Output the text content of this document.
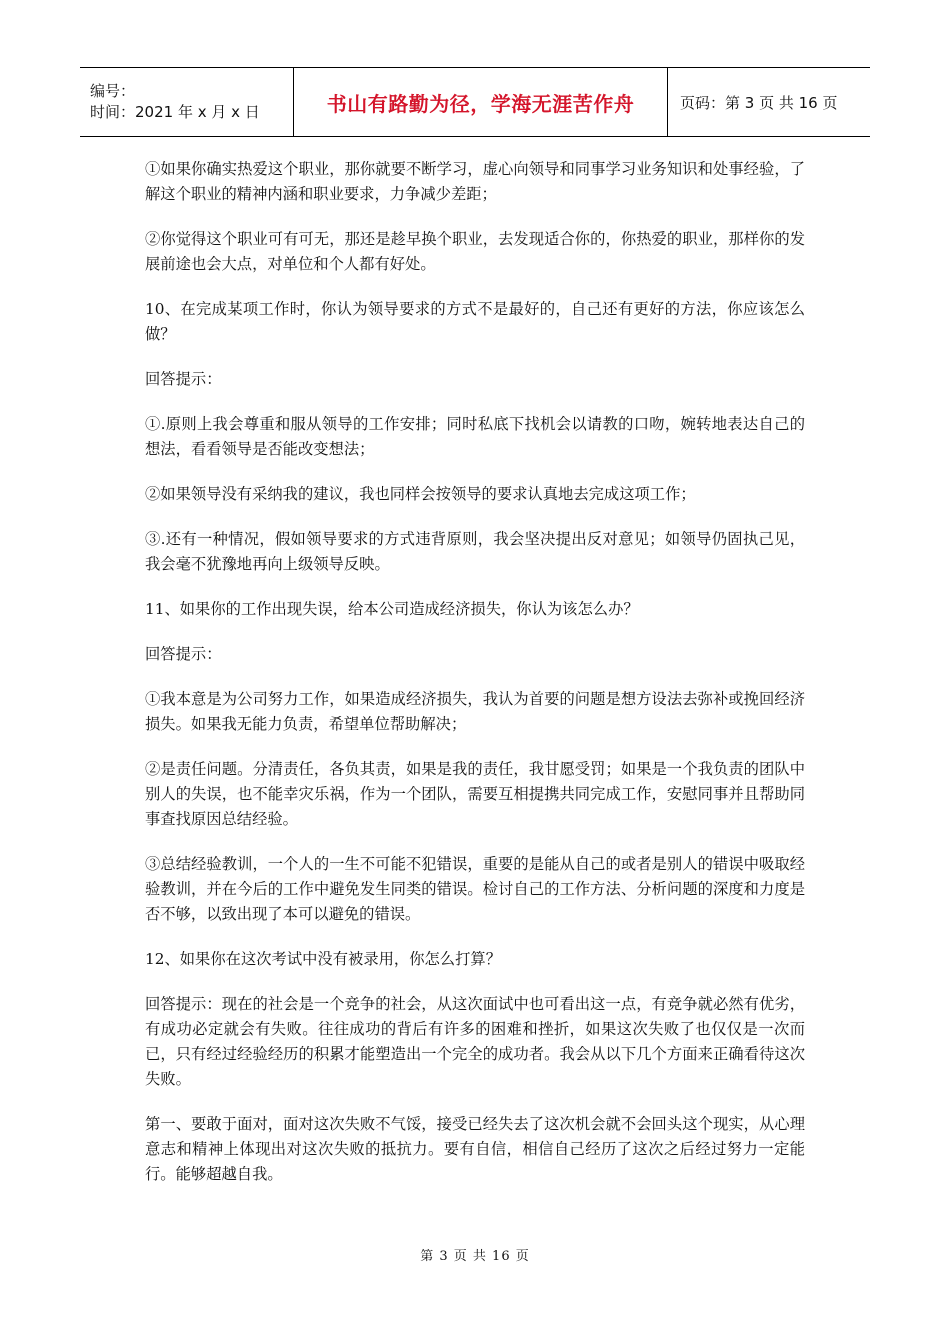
编号：
时间：2021 年 x 月 x 日	书山有路勤为径，学海无涯苦作舟	页码：第 3 页 共 16 页

①如果你确实热爱这个职业，那你就要不断学习，虚心向领导和同事学习业务知识和处事经验，了解这个职业的精神内涵和职业要求，力争减少差距；

②你觉得这个职业可有可无，那还是趁早换个职业，去发现适合你的，你热爱的职业，那样你的发展前途也会大点，对单位和个人都有好处。

10、在完成某项工作时，你认为领导要求的方式不是最好的，自己还有更好的方法，你应该怎么做？

回答提示：

①.原则上我会尊重和服从领导的工作安排；同时私底下找机会以请教的口吻，婉转地表达自己的想法，看看领导是否能改变想法；

②如果领导没有采纳我的建议，我也同样会按领导的要求认真地去完成这项工作；

③.还有一种情况，假如领导要求的方式违背原则，我会坚决提出反对意见；如领导仍固执己见，我会毫不犹豫地再向上级领导反映。

11、如果你的工作出现失误，给本公司造成经济损失，你认为该怎么办？

回答提示：

①我本意是为公司努力工作，如果造成经济损失，我认为首要的问题是想方设法去弥补或挽回经济损失。如果我无能力负责，希望单位帮助解决；

②是责任问题。分清责任，各负其责，如果是我的责任，我甘愿受罚；如果是一个我负责的团队中别人的失误，也不能幸灾乐祸，作为一个团队，需要互相提携共同完成工作，安慰同事并且帮助同事查找原因总结经验。

③总结经验教训，一个人的一生不可能不犯错误，重要的是能从自己的或者是别人的错误中吸取经验教训，并在今后的工作中避免发生同类的错误。检讨自己的工作方法、分析问题的深度和力度是否不够，以致出现了本可以避免的错误。

12、如果你在这次考试中没有被录用，你怎么打算？

回答提示：现在的社会是一个竞争的社会，从这次面试中也可看出这一点，有竞争就必然有优劣，有成功必定就会有失败。往往成功的背后有许多的困难和挫折，如果这次失败了也仅仅是一次而已，只有经过经验经历的积累才能塑造出一个完全的成功者。我会从以下几个方面来正确看待这次失败。

第一、要敢于面对，面对这次失败不气馁，接受已经失去了这次机会就不会回头这个现实，从心理意志和精神上体现出对这次失败的抵抗力。要有自信，相信自己经历了这次之后经过努力一定能行。能够超越自我。

第 3 页 共 16 页
